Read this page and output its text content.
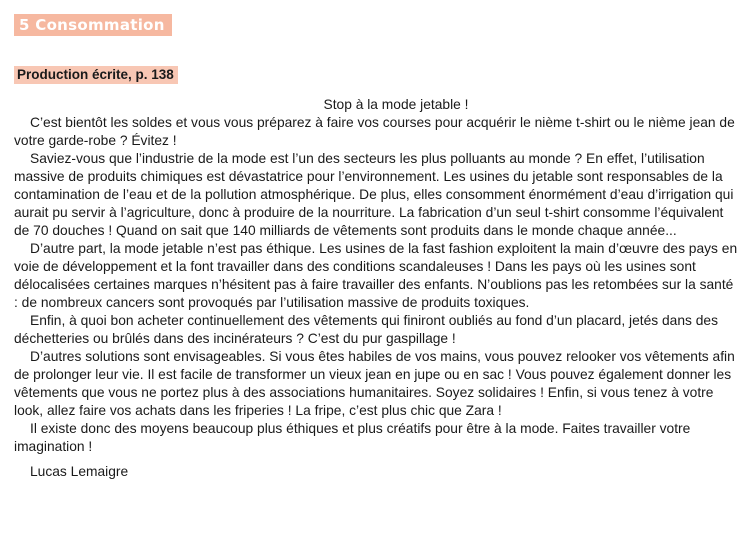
5 Consommation
Production écrite, p. 138

Stop à la mode jetable !

C’est bientôt les soldes et vous vous préparez à faire vos courses pour acquérir le nième t-shirt ou le nième jean de votre garde-robe ? Évitez !

Saviez-vous que l’industrie de la mode est l’un des secteurs les plus polluants au monde ? En effet, l’utilisation massive de produits chimiques est dévastatrice pour l’environnement. Les usines du jetable sont responsables de la contamination de l’eau et de la pollution atmosphérique. De plus, elles consomment énormément d’eau d’irrigation qui aurait pu servir à l’agriculture, donc à produire de la nourriture. La fabrication d’un seul t-shirt consomme l’équivalent de 70 douches ! Quand on sait que 140 milliards de vêtements sont produits dans le monde chaque année...

D’autre part, la mode jetable n’est pas éthique. Les usines de la fast fashion exploitent la main d’œuvre des pays en voie de développement et la font travailler dans des conditions scandaleuses ! Dans les pays où les usines sont délocalisées certaines marques n’hésitent pas à faire travailler des enfants. N’oublions pas les retombées sur la santé : de nombreux cancers sont provoqués par l’utilisation massive de produits toxiques.

Enfin, à quoi bon acheter continuellement des vêtements qui finiront oubliés au fond d’un placard, jetés dans des déchetteries ou brûlés dans des incinérateurs ? C’est du pur gaspillage !

D’autres solutions sont envisageables. Si vous êtes habiles de vos mains, vous pouvez relooker vos vêtements afin de prolonger leur vie. Il est facile de transformer un vieux jean en jupe ou en sac ! Vous pouvez également donner les vêtements que vous ne portez plus à des associations humanitaires. Soyez solidaires ! Enfin, si vous tenez à votre look, allez faire vos achats dans les friperies ! La fripe, c’est plus chic que Zara !

Il existe donc des moyens beaucoup plus éthiques et plus créatifs pour être à la mode. Faites travailler votre imagination !

Lucas Lemaigre
